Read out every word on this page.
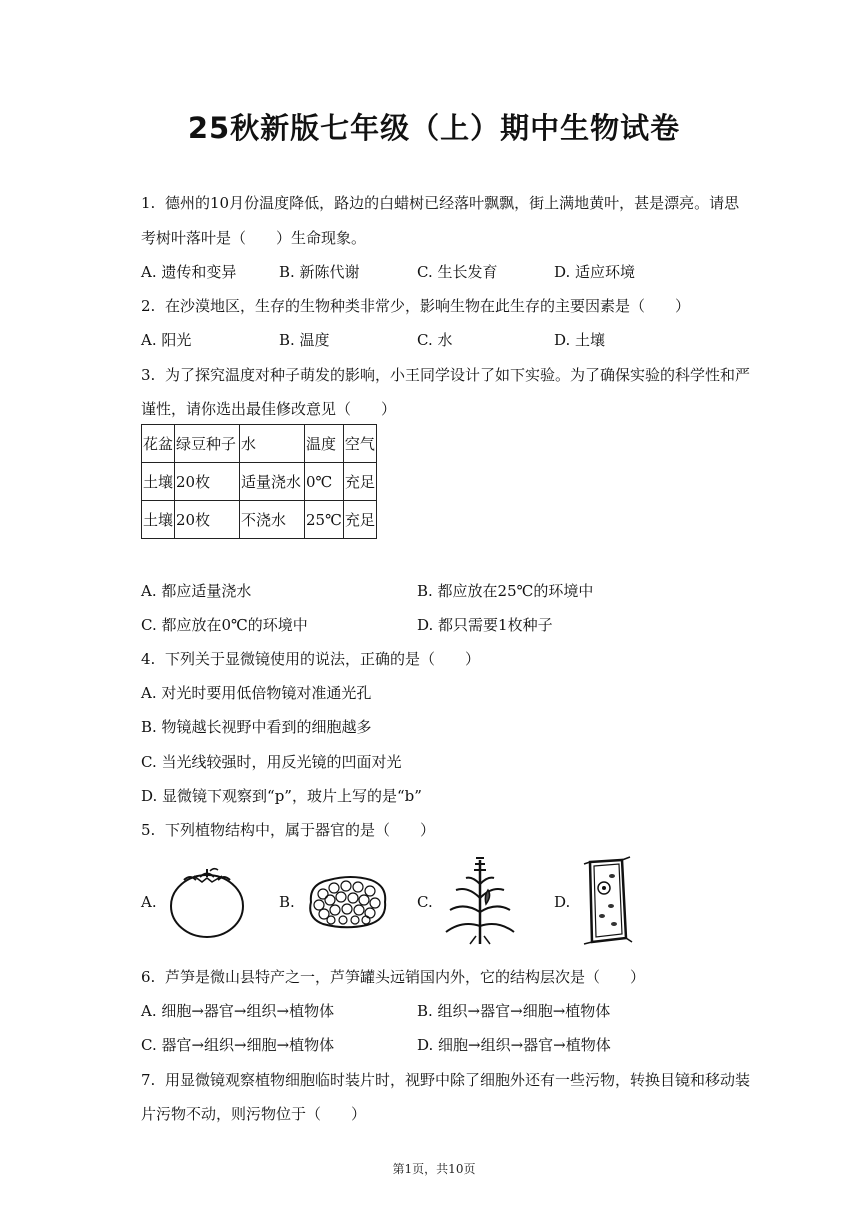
25秋新版七年级（上）期中生物试卷
1. 德州的10月份温度降低，路边的白蜡树已经落叶飘飘，街上满地黄叶，甚是漂亮。请思
考树叶落叶是（　　）生命现象。
A. 遗传和变异	B. 新陈代谢	C. 生长发育	D. 适应环境
2. 在沙漠地区，生存的生物种类非常少，影响生物在此生存的主要因素是（　　）
A. 阳光	B. 温度	C. 水	D. 土壤
3. 为了探究温度对种子萌发的影响，小王同学设计了如下实验。为了确保实验的科学性和严
谨性，请你选出最佳修改意见（　　）
花盆	绿豆种子	水	温度	空气
土壤	20枚	适量浇水	0℃	充足
土壤	20枚	不浇水	25℃	充足
A. 都应适量浇水	B. 都应放在25℃的环境中
C. 都应放在0℃的环境中	D. 都只需要1枚种子
4. 下列关于显微镜使用的说法，正确的是（　　）
A. 对光时要用低倍物镜对准通光孔
B. 物镜越长视野中看到的细胞越多
C. 当光线较强时，用反光镜的凹面对光
D. 显微镜下观察到“p”，玻片上写的是“b”
5. 下列植物结构中，属于器官的是（　　）
A.	B.	C.	D.
6. 芦笋是微山县特产之一，芦笋罐头远销国内外，它的结构层次是（　　）
A. 细胞→器官→组织→植物体	B. 组织→器官→细胞→植物体
C. 器官→组织→细胞→植物体	D. 细胞→组织→器官→植物体
7. 用显微镜观察植物细胞临时装片时，视野中除了细胞外还有一些污物，转换目镜和移动装
片污物不动，则污物位于（　　）
第1页，共10页
